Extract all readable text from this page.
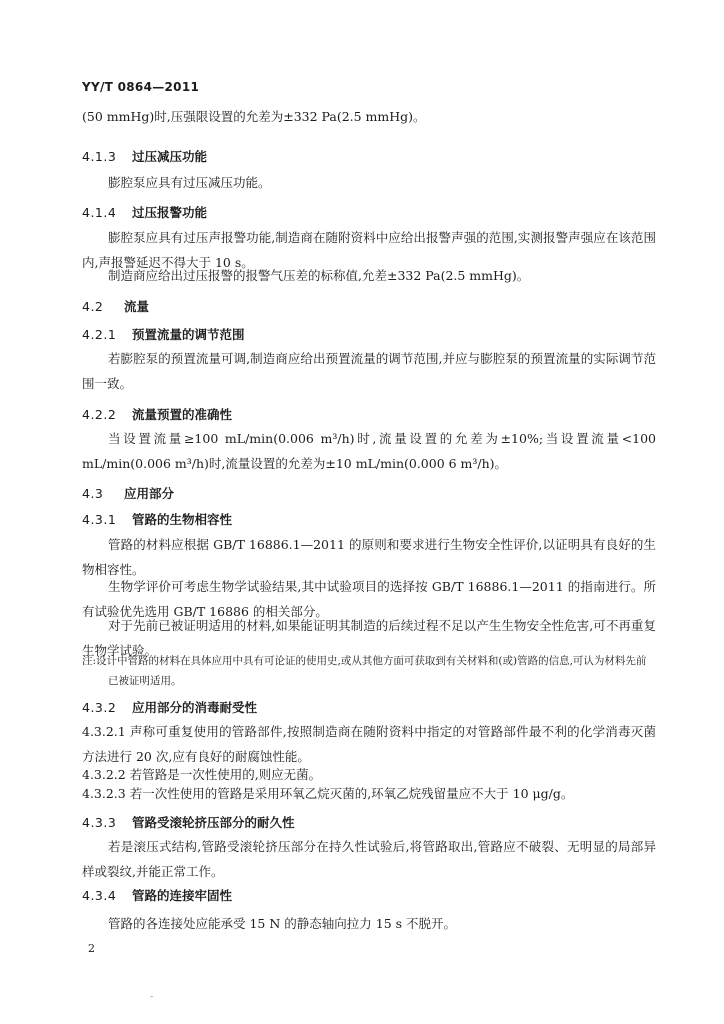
YY/T 0864—2011
(50 mmHg)时,压强限设置的允差为±332 Pa(2.5 mmHg)。
4.1.3 过压减压功能
膨腔泵应具有过压减压功能。
4.1.4 过压报警功能
膨腔泵应具有过压声报警功能,制造商在随附资料中应给出报警声强的范围,实测报警声强应在该范围内,声报警延迟不得大于 10 s。
制造商应给出过压报警的报警气压差的标称值,允差±332 Pa(2.5 mmHg)。
4.2 流量
4.2.1 预置流量的调节范围
若膨腔泵的预置流量可调,制造商应给出预置流量的调节范围,并应与膨腔泵的预置流量的实际调节范围一致。
4.2.2 流量预置的准确性
当设置流量≥100 mL/min(0.006 m³/h)时,流量设置的允差为±10%;当设置流量<100 mL/min(0.006 m³/h)时,流量设置的允差为±10 mL/min(0.000 6 m³/h)。
4.3 应用部分
4.3.1 管路的生物相容性
管路的材料应根据 GB/T 16886.1—2011 的原则和要求进行生物安全性评价,以证明具有良好的生物相容性。
生物学评价可考虑生物学试验结果,其中试验项目的选择按 GB/T 16886.1—2011 的指南进行。所有试验优先选用 GB/T 16886 的相关部分。
对于先前已被证明适用的材料,如果能证明其制造的后续过程不足以产生生物安全性危害,可不再重复生物学试验。
注:设计中管路的材料在具体应用中具有可论证的使用史,或从其他方面可获取到有关材料和(或)管路的信息,可认为材料先前已被证明适用。
4.3.2 应用部分的消毒耐受性
4.3.2.1 声称可重复使用的管路部件,按照制造商在随附资料中指定的对管路部件最不利的化学消毒灭菌方法进行 20 次,应有良好的耐腐蚀性能。
4.3.2.2 若管路是一次性使用的,则应无菌。
4.3.2.3 若一次性使用的管路是采用环氧乙烷灭菌的,环氧乙烷残留量应不大于 10 μg/g。
4.3.3 管路受滚轮挤压部分的耐久性
若是滚压式结构,管路受滚轮挤压部分在持久性试验后,将管路取出,管路应不破裂、无明显的局部异样或裂纹,并能正常工作。
4.3.4 管路的连接牢固性
管路的各连接处应能承受 15 N 的静态轴向拉力 15 s 不脱开。
2
